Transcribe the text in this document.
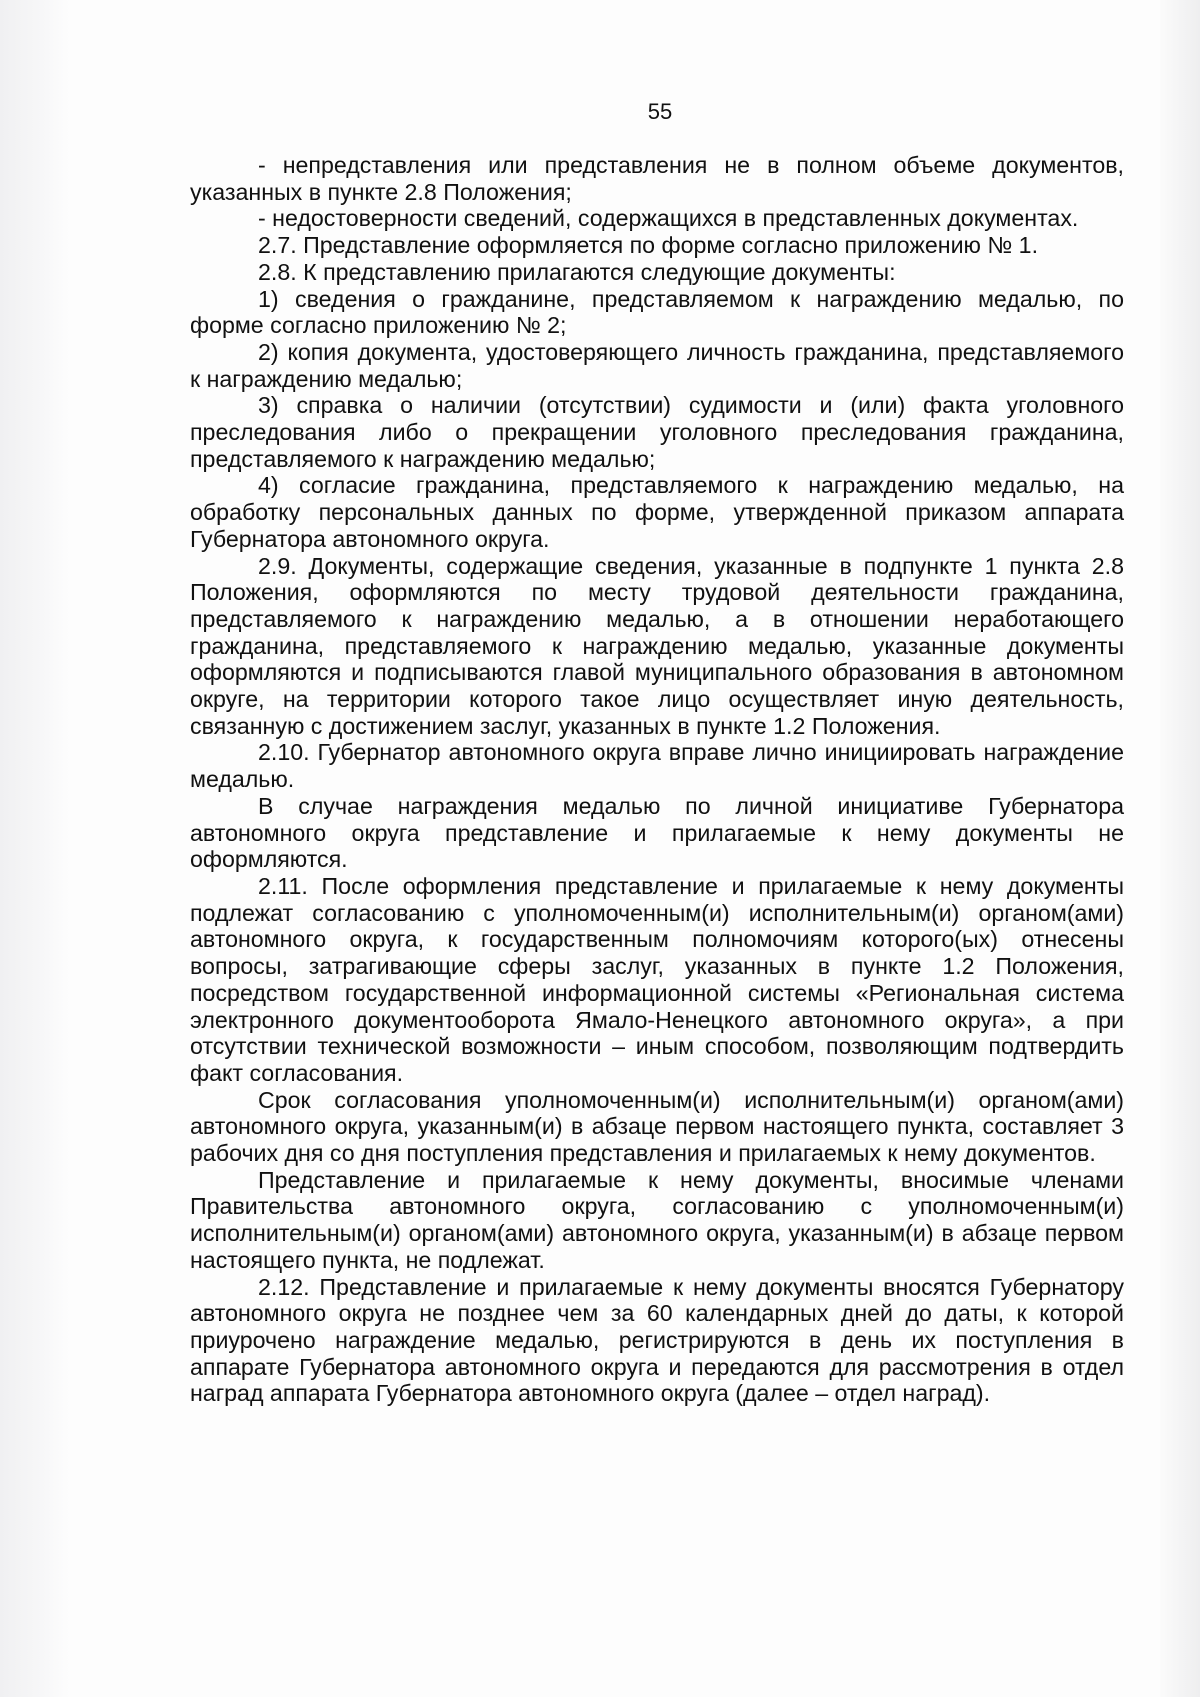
55

- непредставления или представления не в полном объеме документов, указанных в пункте 2.8 Положения;

- недостоверности сведений, содержащихся в представленных документах.

2.7. Представление оформляется по форме согласно приложению № 1.

2.8. К представлению прилагаются следующие документы:

1) сведения о гражданине, представляемом к награждению медалью, по форме согласно приложению № 2;

2) копия документа, удостоверяющего личность гражданина, представляемого к награждению медалью;

3) справка о наличии (отсутствии) судимости и (или) факта уголовного преследования либо о прекращении уголовного преследования гражданина, представляемого к награждению медалью;

4) согласие гражданина, представляемого к награждению медалью, на обработку персональных данных по форме, утвержденной приказом аппарата Губернатора автономного округа.

2.9. Документы, содержащие сведения, указанные в подпункте 1 пункта 2.8 Положения, оформляются по месту трудовой деятельности гражданина, представляемого к награждению медалью, а в отношении неработающего гражданина, представляемого к награждению медалью, указанные документы оформляются и подписываются главой муниципального образования в автономном округе, на территории которого такое лицо осуществляет иную деятельность, связанную с достижением заслуг, указанных в пункте 1.2 Положения.

2.10. Губернатор автономного округа вправе лично инициировать награждение медалью.

В случае награждения медалью по личной инициативе Губернатора автономного округа представление и прилагаемые к нему документы не оформляются.

2.11. После оформления представление и прилагаемые к нему документы подлежат согласованию с уполномоченным(и) исполнительным(и) органом(ами) автономного округа, к государственным полномочиям которого(ых) отнесены вопросы, затрагивающие сферы заслуг, указанных в пункте 1.2 Положения, посредством государственной информационной системы «Региональная система электронного документооборота Ямало-Ненецкого автономного округа», а при отсутствии технической возможности – иным способом, позволяющим подтвердить факт согласования.

Срок согласования уполномоченным(и) исполнительным(и) органом(ами) автономного округа, указанным(и) в абзаце первом настоящего пункта, составляет 3 рабочих дня со дня поступления представления и прилагаемых к нему документов.

Представление и прилагаемые к нему документы, вносимые членами Правительства автономного округа, согласованию с уполномоченным(и) исполнительным(и) органом(ами) автономного округа, указанным(и) в абзаце первом настоящего пункта, не подлежат.

2.12. Представление и прилагаемые к нему документы вносятся Губернатору автономного округа не позднее чем за 60 календарных дней до даты, к которой приурочено награждение медалью, регистрируются в день их поступления в аппарате Губернатора автономного округа и передаются для рассмотрения в отдел наград аппарата Губернатора автономного округа (далее – отдел наград).
